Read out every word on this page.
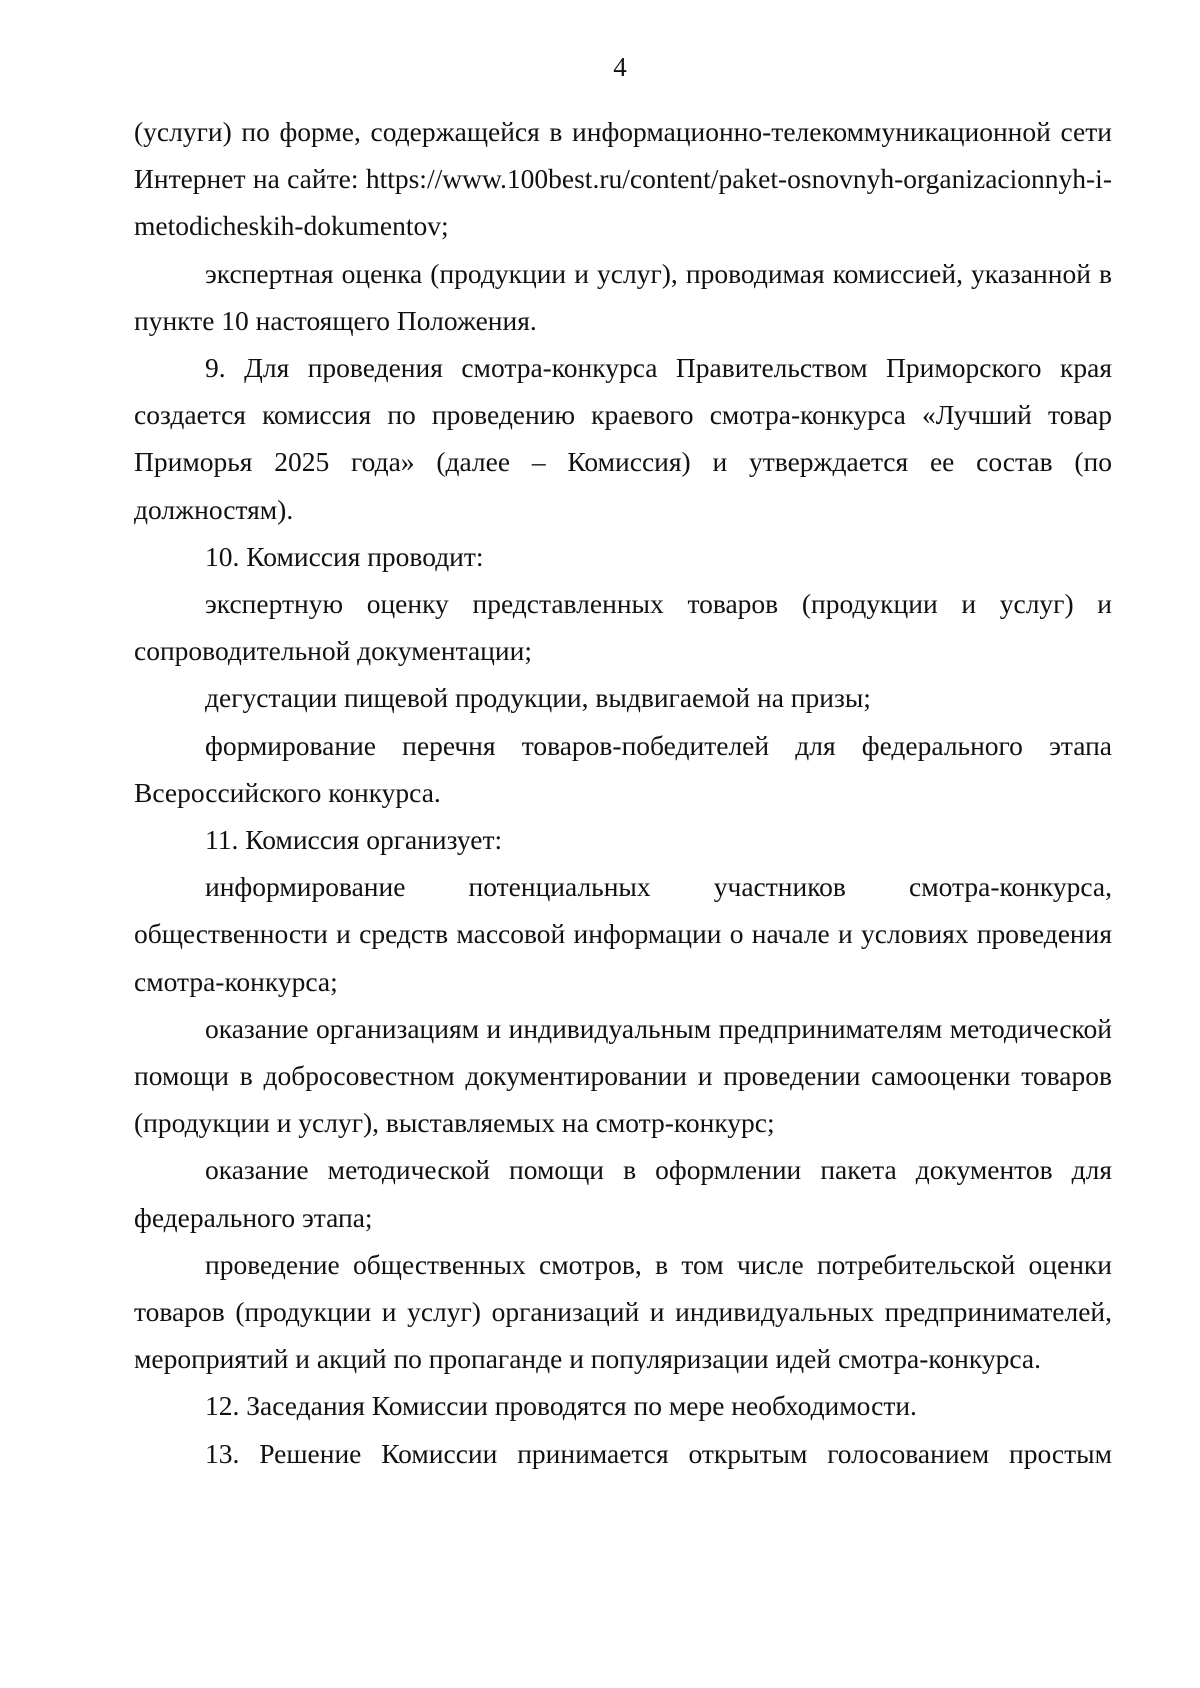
4

(услуги) по форме, содержащейся в информационно-телекоммуникационной сети Интернет на сайте: https://www.100best.ru/content/paket-osnovnyh-organizacionnyh-i-metodicheskih-dokumentov;

экспертная оценка (продукции и услуг), проводимая комиссией, указанной в пункте 10 настоящего Положения.

9. Для проведения смотра-конкурса Правительством Приморского края создается комиссия по проведению краевого смотра-конкурса «Лучший товар Приморья 2025 года» (далее – Комиссия) и утверждается ее состав (по должностям).

10. Комиссия проводит:

экспертную оценку представленных товаров (продукции и услуг) и сопроводительной документации;

дегустации пищевой продукции, выдвигаемой на призы;

формирование перечня товаров-победителей для федерального этапа Всероссийского конкурса.

11. Комиссия организует:

информирование потенциальных участников смотра-конкурса, общественности и средств массовой информации о начале и условиях проведения смотра-конкурса;

оказание организациям и индивидуальным предпринимателям методической помощи в добросовестном документировании и проведении самооценки товаров (продукции и услуг), выставляемых на смотр-конкурс;

оказание методической помощи в оформлении пакета документов для федерального этапа;

проведение общественных смотров, в том числе потребительской оценки товаров (продукции и услуг) организаций и индивидуальных предпринимателей, мероприятий и акций по пропаганде и популяризации идей смотра-конкурса.

12. Заседания Комиссии проводятся по мере необходимости.

13. Решение Комиссии принимается открытым голосованием простым
